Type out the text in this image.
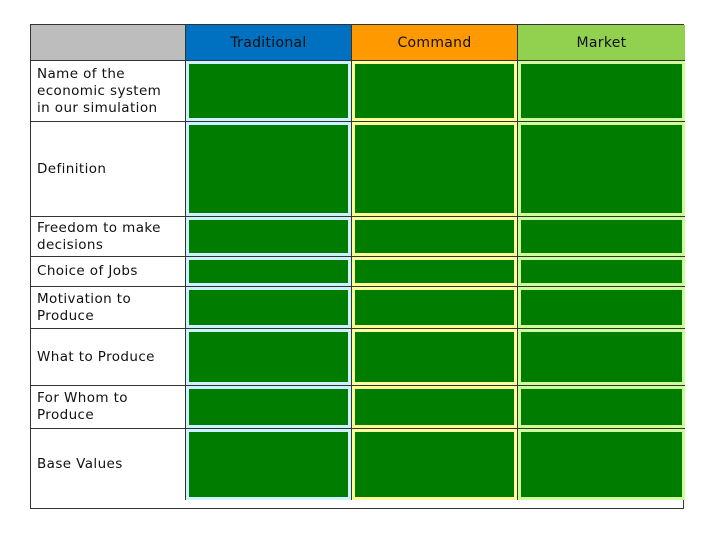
Traditional	Command	Market
Name of the economic system in our simulation
Definition
Freedom to make decisions
Choice of Jobs
Motivation to Produce
What to Produce
For Whom to Produce
Base Values
